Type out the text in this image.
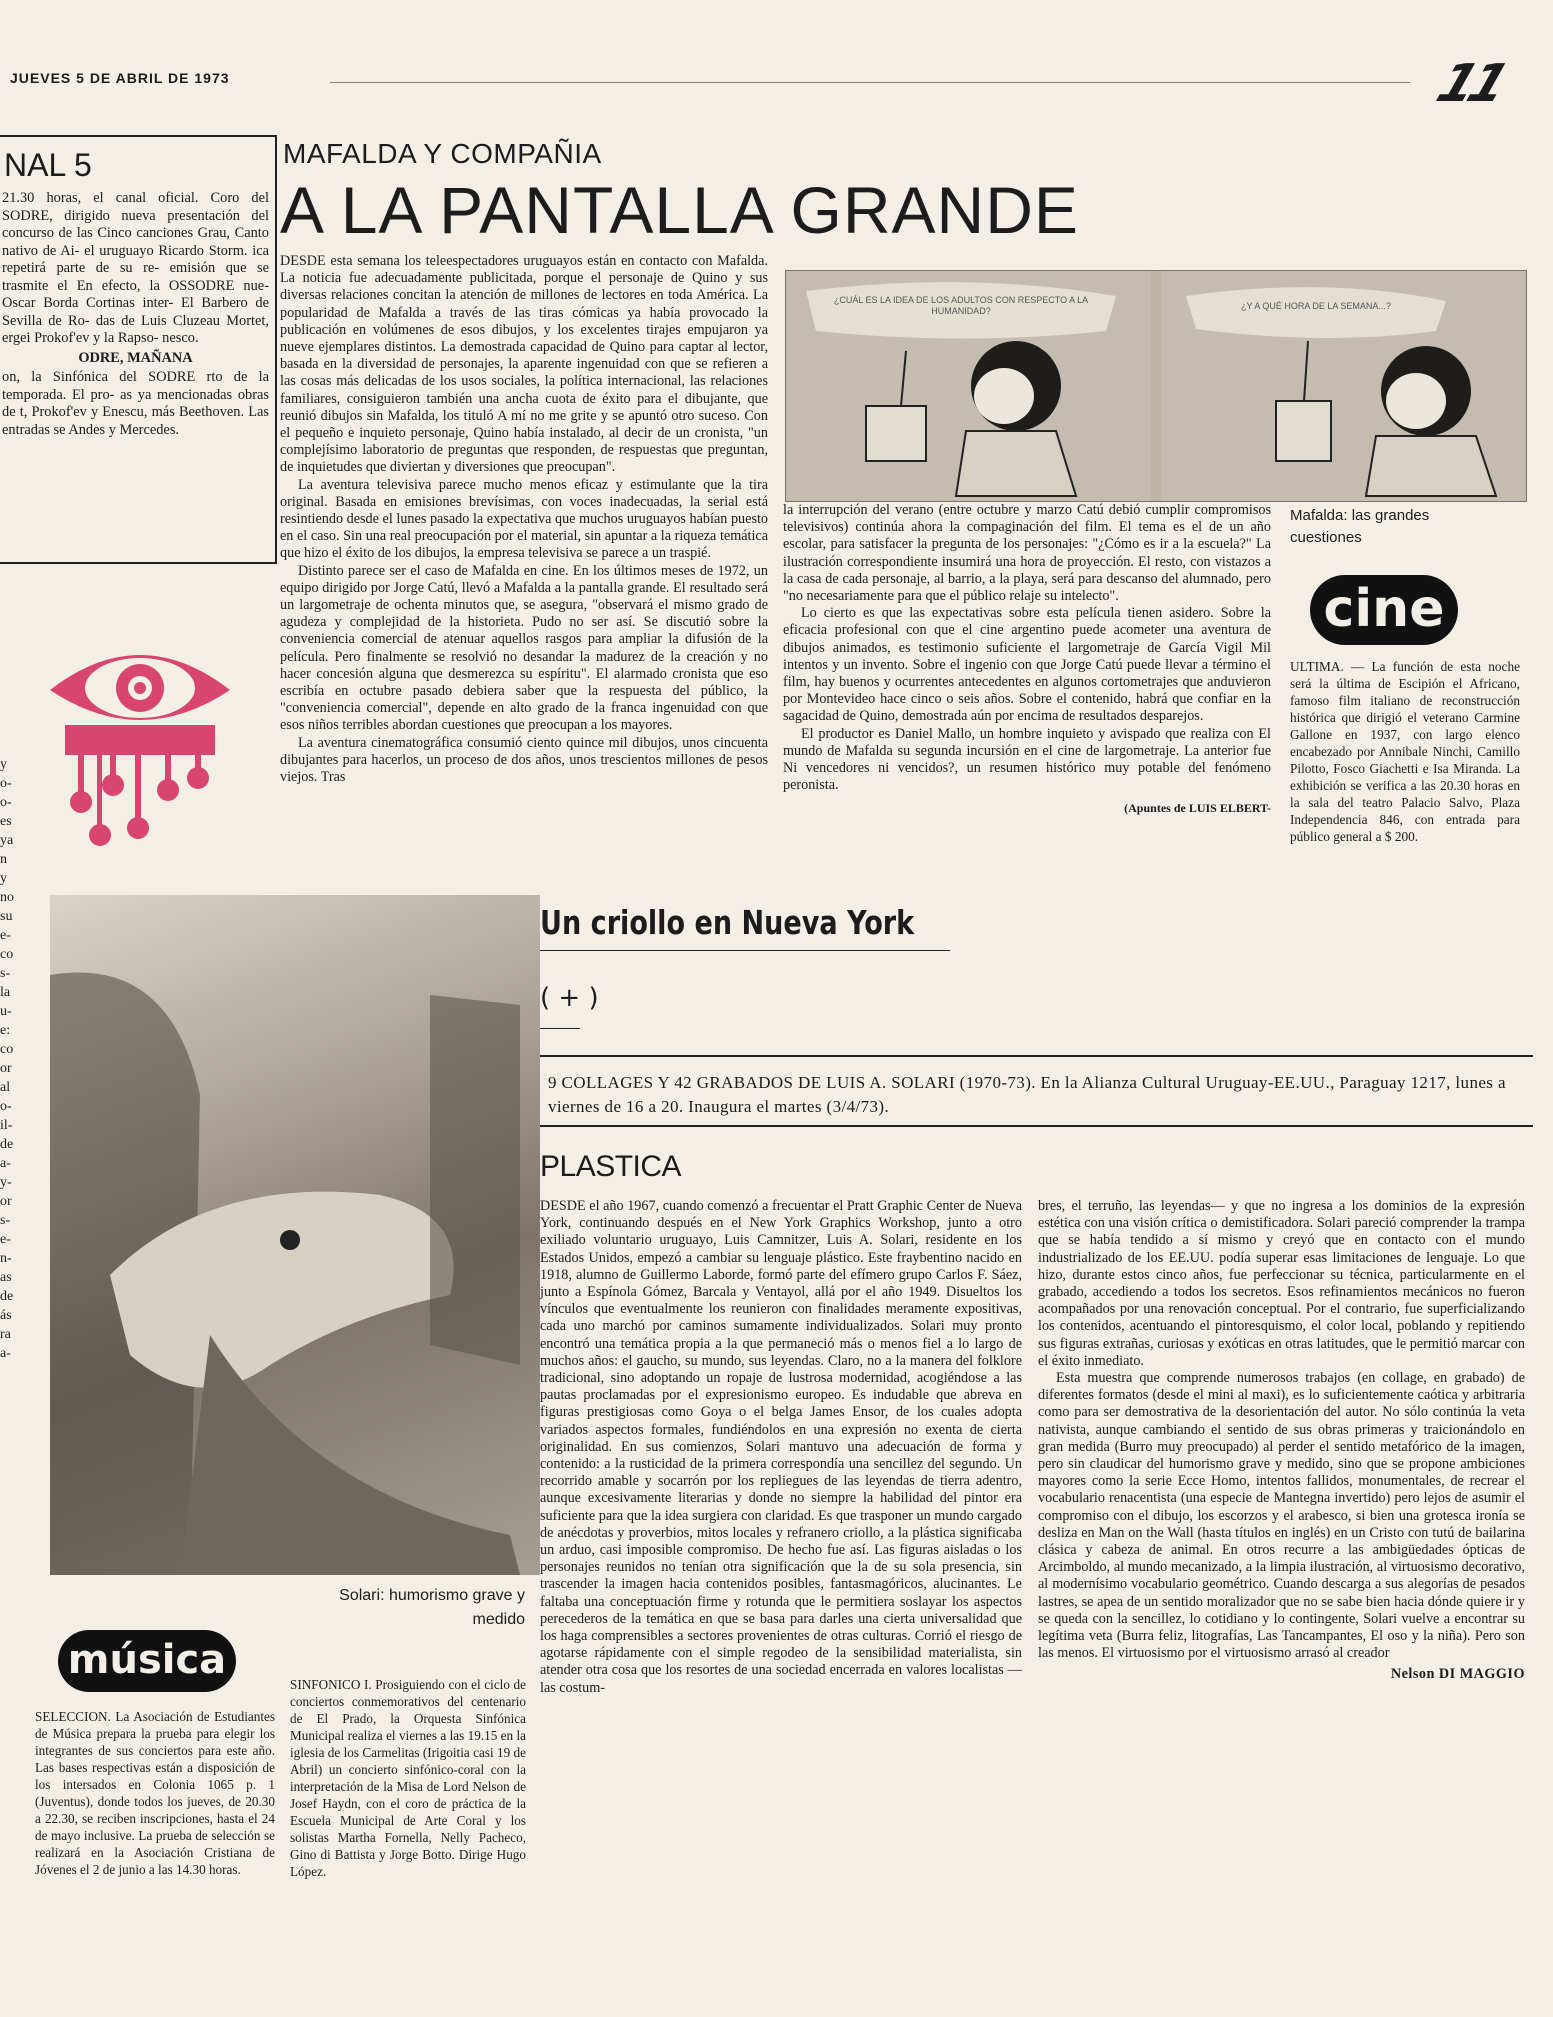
JUEVES 5 DE ABRIL DE 1973	11
NAL 5

21.30 horas, el canal oficial. Coro del SODRE, dirigido nueva presentación del concurso de las Cinco canciones Grau, Canto nativo de Ai- el uruguayo Ricardo Storm. ica repetirá parte de su re- emisión que se trasmite el En efecto, la OSSODRE nue- Oscar Borda Cortinas inter- El Barbero de Sevilla de Ro- das de Luis Cluzeau Mortet, ergei Prokof'ev y la Rapso- nesco.

ODRE, MAÑANA

on, la Sinfónica del SODRE rto de la temporada. El pro- as ya mencionadas obras de t, Prokof'ev y Enescu, más Beethoven. Las entradas se Andes y Mercedes.

y
o-
o-
es
ya
n
y
no
su
e-
co
s-
la
u-
e:
co
or
al
o-
il-
de
a-
y-
or
s-
e-
n-
as
de
ás
ra
a-
MAFALDA Y COMPAÑIA
A LA PANTALLA GRANDE

DESDE esta semana los teleespectadores uruguayos están en contacto con Mafalda. La noticia fue adecuadamente publicitada, porque el personaje de Quino y sus diversas relaciones concitan la atención de millones de lectores en toda América. La popularidad de Mafalda a través de las tiras cómicas ya había provocado la publicación en volúmenes de esos dibujos, y los excelentes tirajes empujaron ya nueve ejemplares distintos. La demostrada capacidad de Quino para captar al lector, basada en la diversidad de personajes, la aparente ingenuidad con que se refieren a las cosas más delicadas de los usos sociales, la política internacional, las relaciones familiares, consiguieron también una ancha cuota de éxito para el dibujante, que reunió dibujos sin Mafalda, los tituló A mí no me grite y se apuntó otro suceso. Con el pequeño e inquieto personaje, Quino había instalado, al decir de un cronista, "un complejísimo laboratorio de preguntas que responden, de respuestas que preguntan, de inquietudes que diviertan y diversiones que preocupan".

La aventura televisiva parece mucho menos eficaz y estimulante que la tira original. Basada en emisiones brevísimas, con voces inadecuadas, la serial está resintiendo desde el lunes pasado la expectativa que muchos uruguayos habían puesto en el caso. Sin una real preocupación por el material, sin apuntar a la riqueza temática que hizo el éxito de los dibujos, la empresa televisiva se parece a un traspié.

Distinto parece ser el caso de Mafalda en cine. En los últimos meses de 1972, un equipo dirigido por Jorge Catú, llevó a Mafalda a la pantalla grande. El resultado será un largometraje de ochenta minutos que, se asegura, "observará el mismo grado de agudeza y complejidad de la historieta. Pudo no ser así. Se discutió sobre la conveniencia comercial de atenuar aquellos rasgos para ampliar la difusión de la película. Pero finalmente se resolvió no desandar la madurez de la creación y no hacer concesión alguna que desmerezca su espíritu". El alarmado cronista que eso escribía en octubre pasado debiera saber que la respuesta del público, la "conveniencia comercial", depende en alto grado de la franca ingenuidad con que esos niños terribles abordan cuestiones que preocupan a los mayores.

La aventura cinematográfica consumió ciento quince mil dibujos, unos cincuenta dibujantes para hacerlos, un proceso de dos años, unos trescientos millones de pesos viejos. Tras

¿CUÁL ES LA IDEA DE LOS ADULTOS CON RESPECTO A LA HUMANIDAD?	¿Y A QUÉ HORA DE LA SEMANA...?
Mafalda: las grandes cuestiones

la interrupción del verano (entre octubre y marzo Catú debió cumplir compromisos televisivos) continúa ahora la compaginación del film. El tema es el de un año escolar, para satisfacer la pregunta de los personajes: "¿Cómo es ir a la escuela?" La ilustración correspondiente insumirá una hora de proyección. El resto, con vistazos a la casa de cada personaje, al barrio, a la playa, será para descanso del alumnado, pero "no necesariamente para que el público relaje su intelecto".

Lo cierto es que las expectativas sobre esta película tienen asidero. Sobre la eficacia profesional con que el cine argentino puede acometer una aventura de dibujos animados, es testimonio suficiente el largometraje de García Vigil Mil intentos y un invento. Sobre el ingenio con que Jorge Catú puede llevar a término el film, hay buenos y ocurrentes antecedentes en algunos cortometrajes que anduvieron por Montevideo hace cinco o seis años. Sobre el contenido, habrá que confiar en la sagacidad de Quino, demostrada aún por encima de resultados desparejos.

El productor es Daniel Mallo, un hombre inquieto y avispado que realiza con El mundo de Mafalda su segunda incursión en el cine de largometraje. La anterior fue Ni vencedores ni vencidos?, un resumen histórico muy potable del fenómeno peronista.

(Apuntes de LUIS ELBERT-
cine
ULTIMA. — La función de esta noche será la última de Escipión el Africano, famoso film italiano de reconstrucción histórica que dirigió el veterano Carmine Gallone en 1937, con largo elenco encabezado por Annibale Ninchi, Camillo Pilotto, Fosco Giachetti e Isa Miranda. La exhibición se verifica a las 20.30 horas en la sala del teatro Palacio Salvo, Plaza Independencia 846, con entrada para público general a $ 200.
Solari: humorismo grave y medido
Un criollo en Nueva York
( + )
9 COLLAGES Y 42 GRABADOS DE LUIS A. SOLARI (1970-73). En la Alianza Cultural Uruguay-EE.UU., Paraguay 1217, lunes a viernes de 16 a 20. Inaugura el martes (3/4/73).
PLASTICA

DESDE el año 1967, cuando comenzó a frecuentar el Pratt Graphic Center de Nueva York, continuando después en el New York Graphics Workshop, junto a otro exiliado voluntario uruguayo, Luis Camnitzer, Luis A. Solari, residente en los Estados Unidos, empezó a cambiar su lenguaje plástico. Este fraybentino nacido en 1918, alumno de Guillermo Laborde, formó parte del efímero grupo Carlos F. Sáez, junto a Espínola Gómez, Barcala y Ventayol, allá por el año 1949. Disueltos los vínculos que eventualmente los reunieron con finalidades meramente expositivas, cada uno marchó por caminos sumamente individualizados. Solari muy pronto encontró una temática propia a la que permaneció más o menos fiel a lo largo de muchos años: el gaucho, su mundo, sus leyendas. Claro, no a la manera del folklore tradicional, sino adoptando un ropaje de lustrosa modernidad, acogiéndose a las pautas proclamadas por el expresionismo europeo. Es indudable que abreva en figuras prestigiosas como Goya o el belga James Ensor, de los cuales adopta variados aspectos formales, fundiéndolos en una expresión no exenta de cierta originalidad. En sus comienzos, Solari mantuvo una adecuación de forma y contenido: a la rusticidad de la primera correspondía una sencillez del segundo. Un recorrido amable y socarrón por los repliegues de las leyendas de tierra adentro, aunque excesivamente literarias y donde no siempre la habilidad del pintor era suficiente para que la idea surgiera con claridad. Es que trasponer un mundo cargado de anécdotas y proverbios, mitos locales y refranero criollo, a la plástica significaba un arduo, casi imposible compromiso. De hecho fue así. Las figuras aisladas o los personajes reunidos no tenían otra significación que la de su sola presencia, sin trascender la imagen hacia contenidos posibles, fantasmagóricos, alucinantes. Le faltaba una conceptuación firme y rotunda que le permitiera soslayar los aspectos perecederos de la temática en que se basa para darles una cierta universalidad que los haga comprensibles a sectores provenientes de otras culturas. Corrió el riesgo de agotarse rápidamente con el simple regodeo de la sensibilidad materialista, sin atender otra cosa que los resortes de una sociedad encerrada en valores localistas —las costum-

bres, el terruño, las leyendas— y que no ingresa a los dominios de la expresión estética con una visión crítica o demistificadora. Solari pareció comprender la trampa que se había tendido a sí mismo y creyó que en contacto con el mundo industrializado de los EE.UU. podía superar esas limitaciones de lenguaje. Lo que hizo, durante estos cinco años, fue perfeccionar su técnica, particularmente en el grabado, accediendo a todos los secretos. Esos refinamientos mecánicos no fueron acompañados por una renovación conceptual. Por el contrario, fue superficializando los contenidos, acentuando el pintoresquismo, el color local, poblando y repitiendo sus figuras extrañas, curiosas y exóticas en otras latitudes, que le permitió marcar con el éxito inmediato.

Esta muestra que comprende numerosos trabajos (en collage, en grabado) de diferentes formatos (desde el mini al maxi), es lo suficientemente caótica y arbitraria como para ser demostrativa de la desorientación del autor. No sólo continúa la veta nativista, aunque cambiando el sentido de sus obras primeras y traicionándolo en gran medida (Burro muy preocupado) al perder el sentido metafórico de la imagen, pero sin claudicar del humorismo grave y medido, sino que se propone ambiciones mayores como la serie Ecce Homo, intentos fallidos, monumentales, de recrear el vocabulario renacentista (una especie de Mantegna invertido) pero lejos de asumir el compromiso con el dibujo, los escorzos y el arabesco, si bien una grotesca ironía se desliza en Man on the Wall (hasta títulos en inglés) en un Cristo con tutú de bailarina clásica y cabeza de animal. En otros recurre a las ambigüedades ópticas de Arcimboldo, al mundo mecanizado, a la limpia ilustración, al virtuosismo decorativo, al modernísimo vocabulario geométrico. Cuando descarga a sus alegorías de pesados lastres, se apea de un sentido moralizador que no se sabe bien hacia dónde quiere ir y se queda con la sencillez, lo cotidiano y lo contingente, Solari vuelve a encontrar su legítima veta (Burra feliz, litografías, Las Tancampantes, El oso y la niña). Pero son las menos. El virtuosismo por el virtuosismo arrasó al creador

Nelson DI MAGGIO
música
SELECCION. La Asociación de Estudiantes de Música prepara la prueba para elegir los integrantes de sus conciertos para este año. Las bases respectivas están a disposición de los intersados en Colonia 1065 p. 1 (Juventus), donde todos los jueves, de 20.30 a 22.30, se reciben inscripciones, hasta el 24 de mayo inclusive. La prueba de selección se realizará en la Asociación Cristiana de Jóvenes el 2 de junio a las 14.30 horas.
SINFONICO I. Prosiguiendo con el ciclo de conciertos conmemorativos del centenario de El Prado, la Orquesta Sinfónica Municipal realiza el viernes a las 19.15 en la iglesia de los Carmelitas (Irigoitia casi 19 de Abril) un concierto sinfónico-coral con la interpretación de la Misa de Lord Nelson de Josef Haydn, con el coro de práctica de la Escuela Municipal de Arte Coral y los solistas Martha Fornella, Nelly Pacheco, Gino di Battista y Jorge Botto. Dirige Hugo López.
